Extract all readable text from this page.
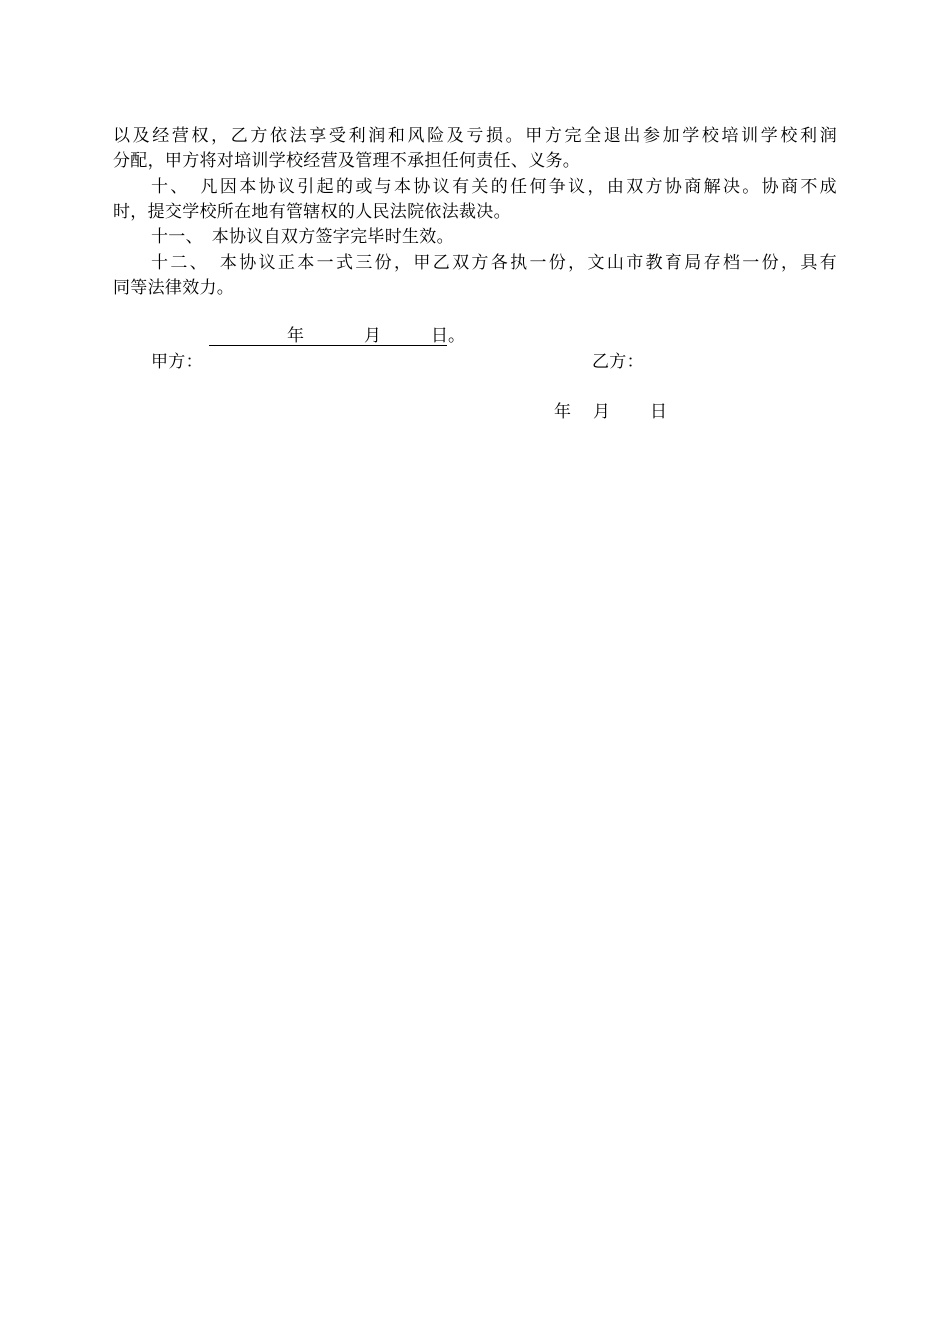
以及经营权，乙方依法享受利润和风险及亏损。甲方完全退出参加学校培训学校利润
分配，甲方将对培训学校经营及管理不承担任何责任、义务。
十、　凡因本协议引起的或与本协议有关的任何争议，由双方协商解决。协商不成
时，提交学校所在地有管辖权的人民法院依法裁决。
十一、　本协议自双方签字完毕时生效。
十二、　本协议正本一式三份，甲乙双方各执一份，文山市教育局存档一份，具有
同等法律效力。
年	月	日 。
甲方：	乙方：
年 月 日
